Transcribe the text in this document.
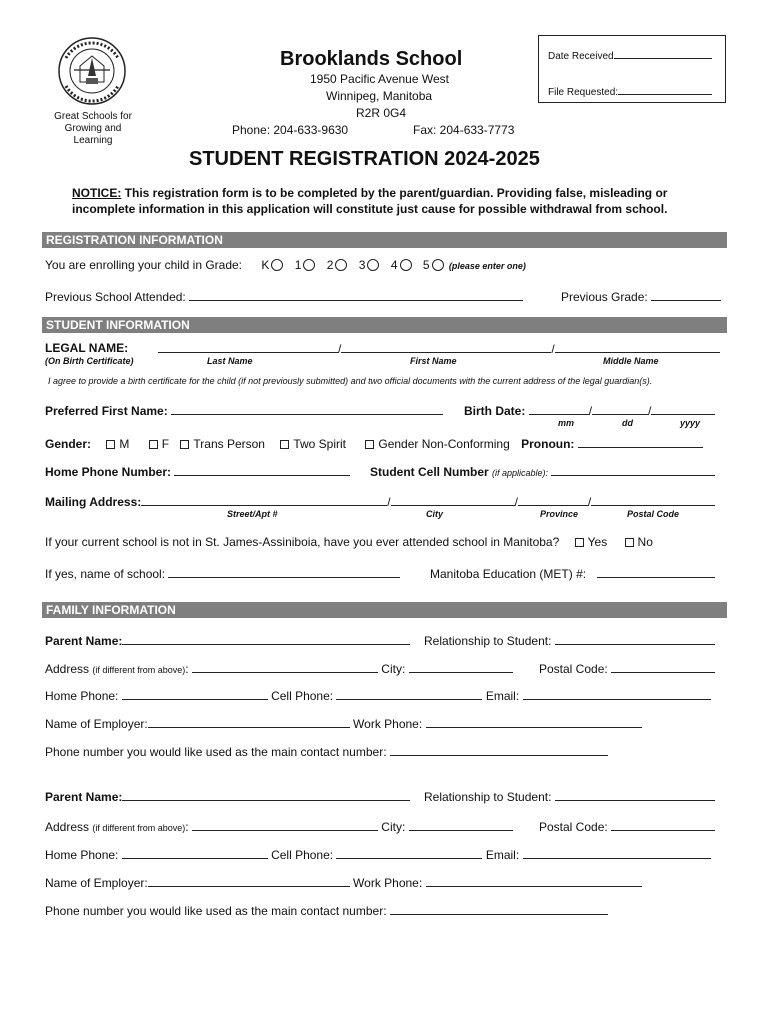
Great Schools for
Growing and
Learning
Brooklands School
1950 Pacific Avenue West
Winnipeg, Manitoba
R2R 0G4
Phone: 204-633-9630	Fax: 204-633-7773
Date Received
File Requested:
STUDENT REGISTRATION 2024-2025
NOTICE: This registration form is to be completed by the parent/guardian. Providing false, misleading or
incomplete information in this application will constitute just cause for possible withdrawal from school.
REGISTRATION INFORMATION
You are enrolling your child in Grade: K 1 2 3 4 5 (please enter one)
Previous School Attended:	Previous Grade:
STUDENT INFORMATION
LEGAL NAME:	/	/
(On Birth Certificate)	Last Name	First Name	Middle Name
I agree to provide a birth certificate for the child (if not previously submitted) and two official documents with the current address of the legal guardian(s).
Preferred First Name:	Birth Date:	/	/
mm	dd	yyyy
Gender: M	F Trans Person Two Spirit	Gender Non-Conforming Pronoun:
Home Phone Number:	Student Cell Number (if applicable):
Mailing Address:	/	/	/
Street/Apt #	City	Province	Postal Code
If your current school is not in St. James-Assiniboia, have you ever attended school in Manitoba? Yes	No
If yes, name of school:	Manitoba Education (MET) #:
FAMILY INFORMATION
Parent Name:	Relationship to Student:
Address (if different from above):	City:	Postal Code:
Home Phone:	Cell Phone:	Email:
Name of Employer:	Work Phone:
Phone number you would like used as the main contact number:
Parent Name:	Relationship to Student:
Address (if different from above):	City:	Postal Code:
Home Phone:	Cell Phone:	Email:
Name of Employer:	Work Phone:
Phone number you would like used as the main contact number:
